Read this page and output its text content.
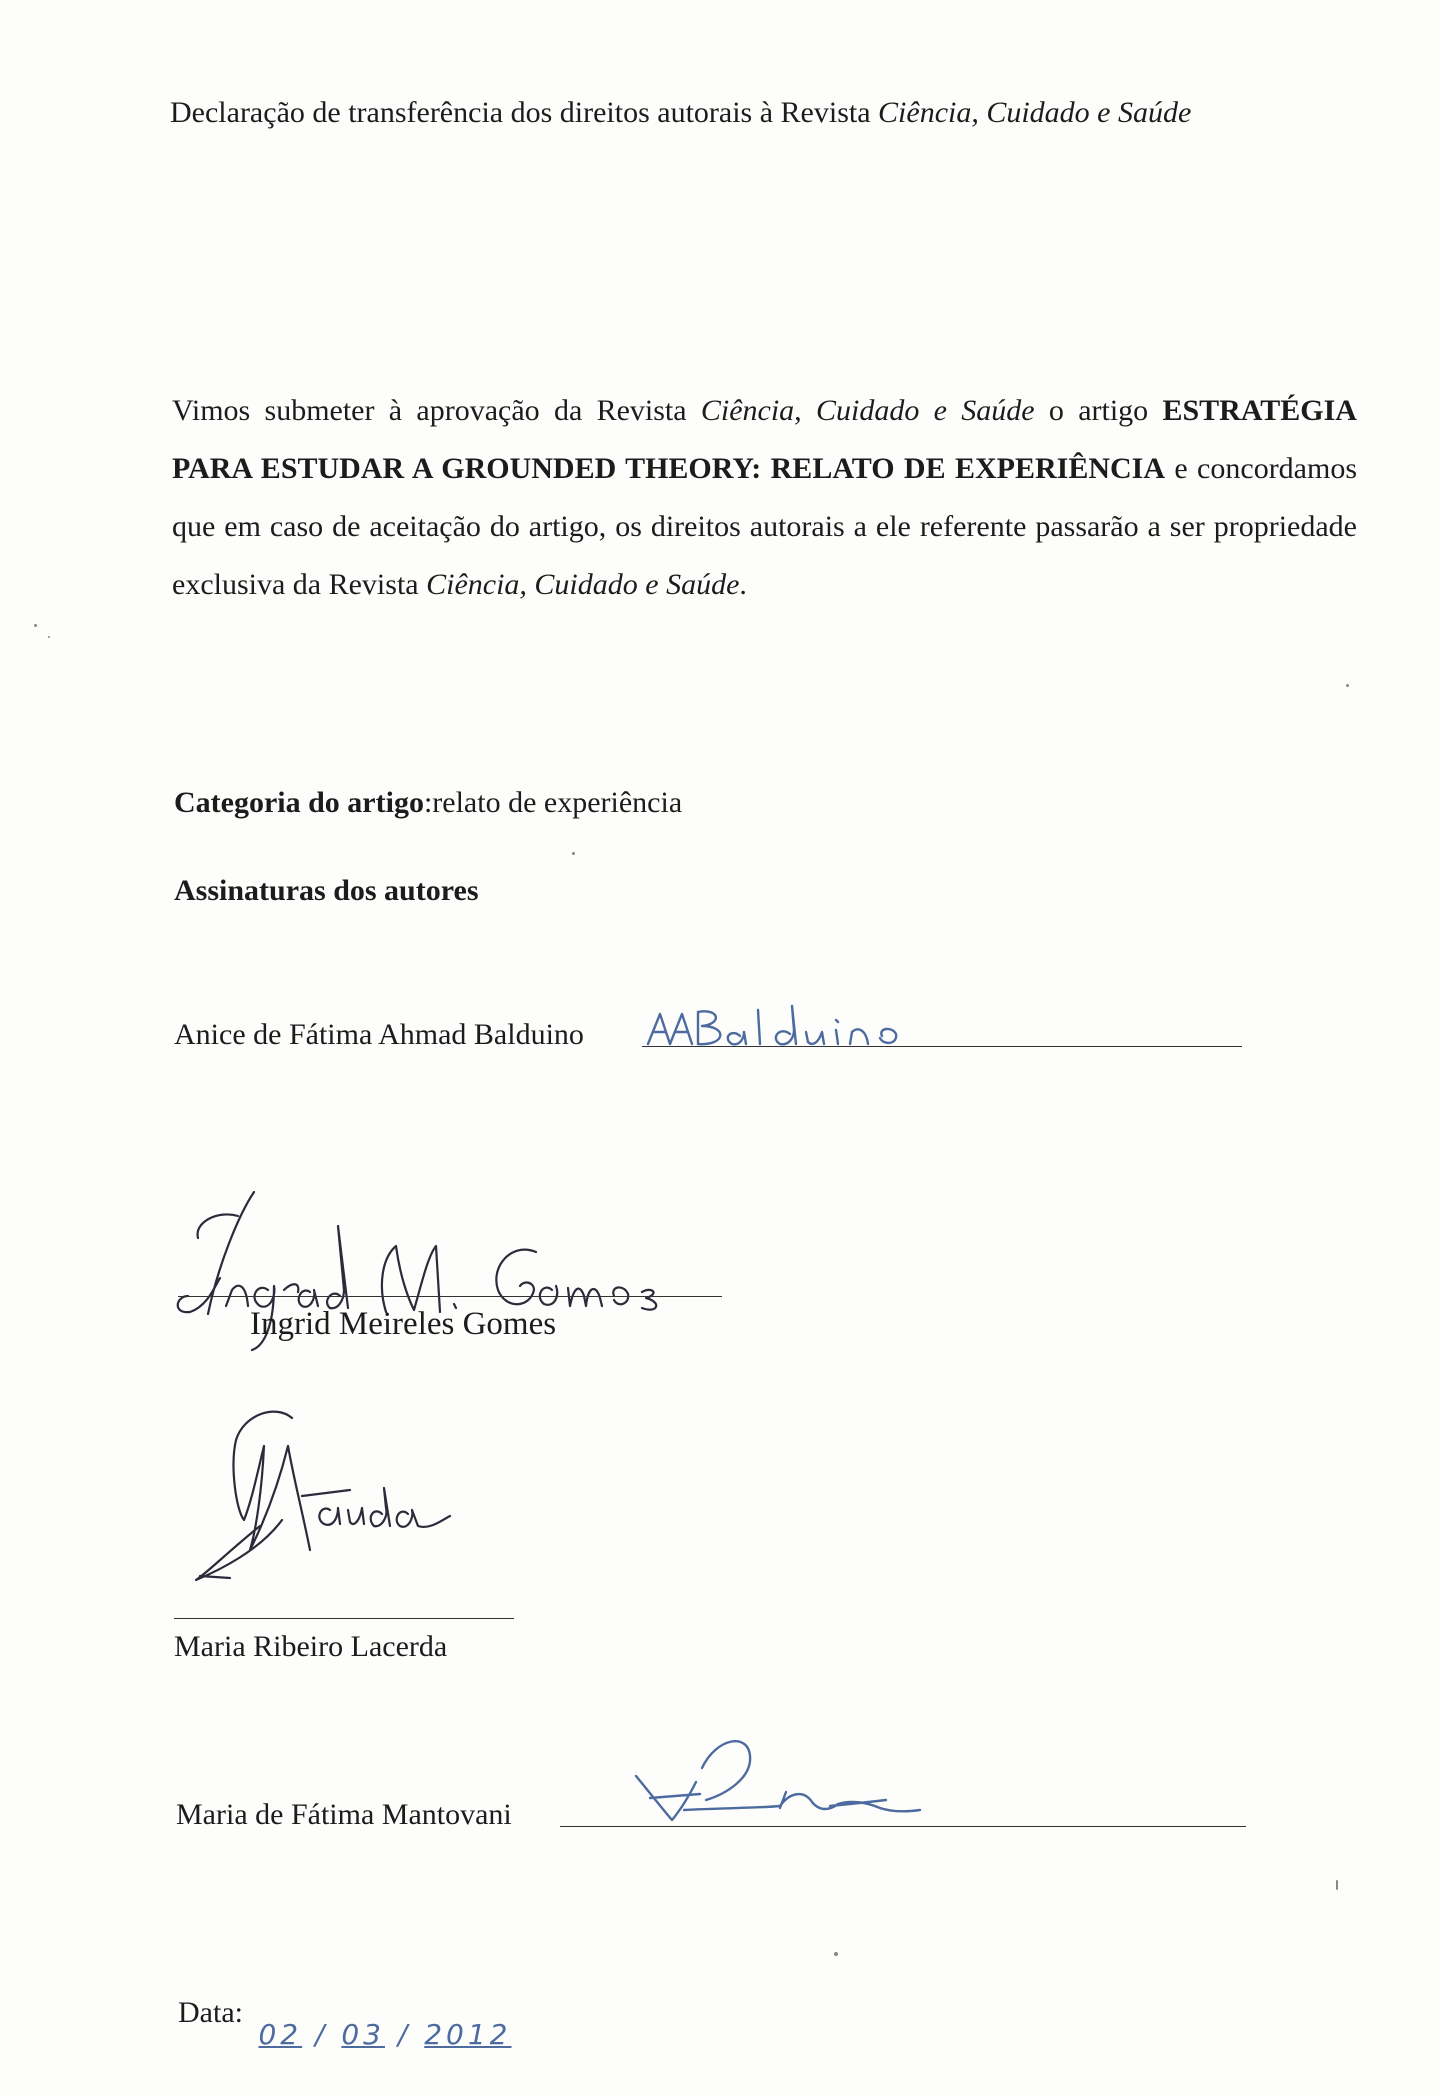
Declaração de transferência dos direitos autorais à Revista Ciência, Cuidado e Saúde
Vimos submeter à aprovação da Revista Ciência, Cuidado e Saúde o artigo ESTRATÉGIA PARA ESTUDAR A GROUNDED THEORY: RELATO DE EXPERIÊNCIA e concordamos que em caso de aceitação do artigo, os direitos autorais a ele referente passarão a ser propriedade exclusiva da Revista Ciência, Cuidado e Saúde.
Categoria do artigo:relato de experiência
Assinaturas dos autores
Anice de Fátima Ahmad Balduino
Ingrid Meireles Gomes
Maria Ribeiro Lacerda
Maria de Fátima Mantovani
Data:
02 / 03 / 2012
